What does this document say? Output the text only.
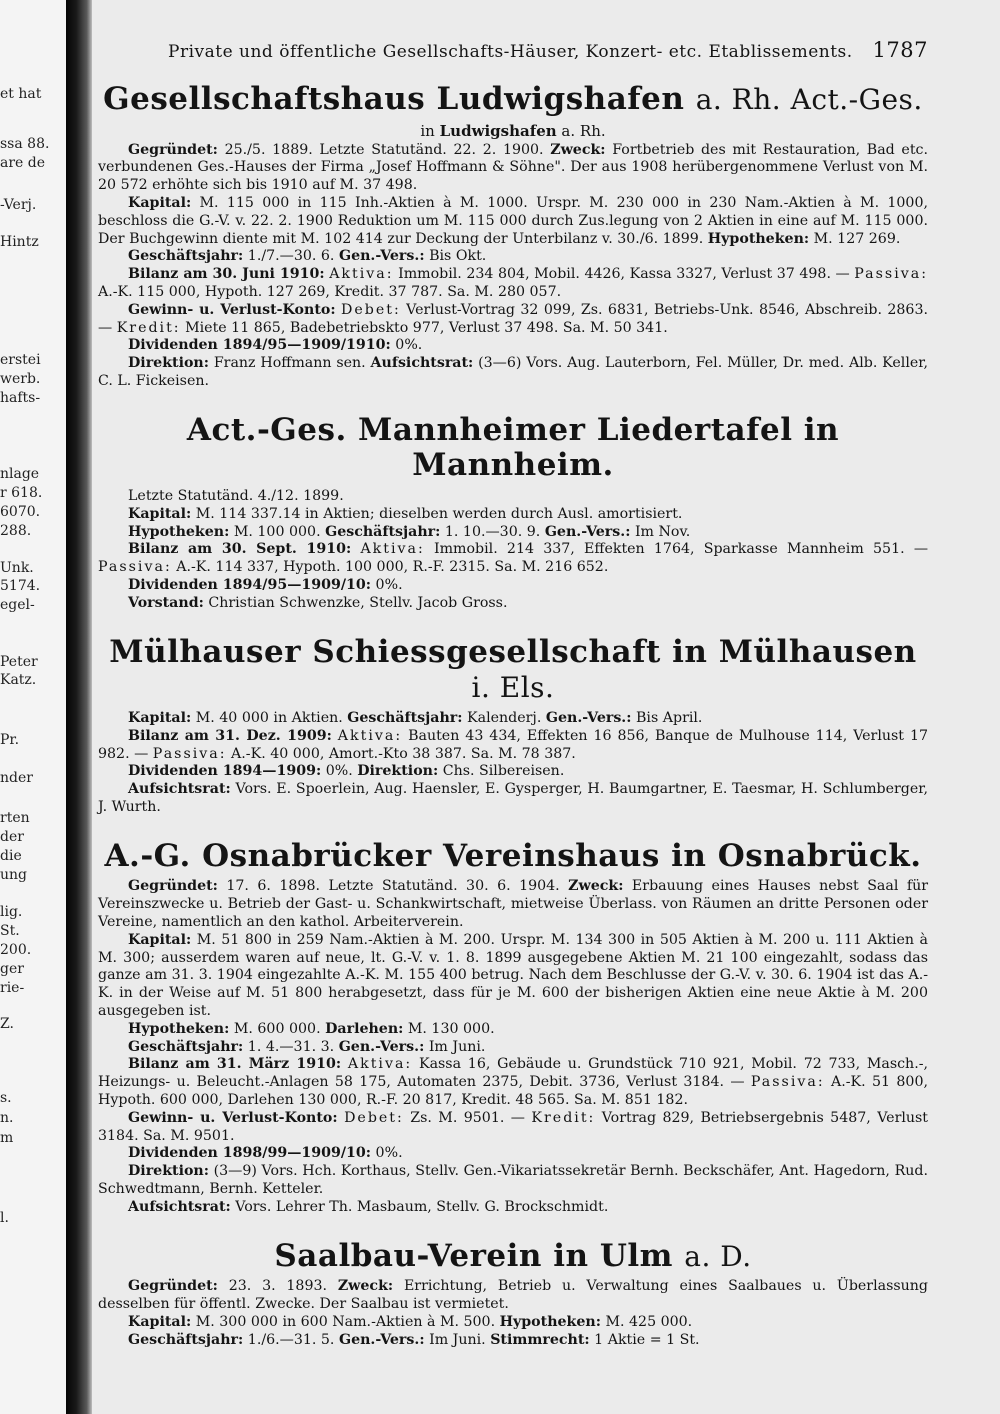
et hat
ssa 88.
are de
-Verj.
Hintz
erstei
werb.
hafts-
nlage
r 618.
6070.
288.
Unk.
5174.
egel-
Peter
Katz.
Pr.
nder
rten
der
die
ung
lig.
St.
200.
ger
rie-
Z.
s.
n.
m
l.
Private und öffentliche Gesellschafts-Häuser, Konzert- etc. Etablissements. 1787
Gesellschaftshaus Ludwigshafen a. Rh. Act.-Ges.
in Ludwigshafen a. Rh.

Gegründet: 25./5. 1889. Letzte Statutänd. 22. 2. 1900. Zweck: Fortbetrieb des mit Restauration, Bad etc. verbundenen Ges.-Hauses der Firma „Josef Hoffmann & Söhne". Der aus 1908 herübergenommene Verlust von M. 20 572 erhöhte sich bis 1910 auf M. 37 498.

Kapital: M. 115 000 in 115 Inh.-Aktien à M. 1000. Urspr. M. 230 000 in 230 Nam.-Aktien à M. 1000, beschloss die G.-V. v. 22. 2. 1900 Reduktion um M. 115 000 durch Zus.legung von 2 Aktien in eine auf M. 115 000. Der Buchgewinn diente mit M. 102 414 zur Deckung der Unterbilanz v. 30./6. 1899. Hypotheken: M. 127 269.

Geschäftsjahr: 1./7.—30. 6. Gen.-Vers.: Bis Okt.

Bilanz am 30. Juni 1910: Aktiva: Immobil. 234 804, Mobil. 4426, Kassa 3327, Verlust 37 498. — Passiva: A.-K. 115 000, Hypoth. 127 269, Kredit. 37 787. Sa. M. 280 057.

Gewinn- u. Verlust-Konto: Debet: Verlust-Vortrag 32 099, Zs. 6831, Betriebs-Unk. 8546, Abschreib. 2863. — Kredit: Miete 11 865, Badebetriebskto 977, Verlust 37 498. Sa. M. 50 341.

Dividenden 1894/95—1909/1910: 0%.

Direktion: Franz Hoffmann sen. Aufsichtsrat: (3—6) Vors. Aug. Lauterborn, Fel. Müller, Dr. med. Alb. Keller, C. L. Fickeisen.

Act.-Ges. Mannheimer Liedertafel in Mannheim.

Letzte Statutänd. 4./12. 1899.

Kapital: M. 114 337.14 in Aktien; dieselben werden durch Ausl. amortisiert.

Hypotheken: M. 100 000. Geschäftsjahr: 1. 10.—30. 9. Gen.-Vers.: Im Nov.

Bilanz am 30. Sept. 1910: Aktiva: Immobil. 214 337, Effekten 1764, Sparkasse Mannheim 551. — Passiva: A.-K. 114 337, Hypoth. 100 000, R.-F. 2315. Sa. M. 216 652.

Dividenden 1894/95—1909/10: 0%.

Vorstand: Christian Schwenzke, Stellv. Jacob Gross.

Mülhauser Schiessgesellschaft in Mülhausen i. Els.

Kapital: M. 40 000 in Aktien. Geschäftsjahr: Kalenderj. Gen.-Vers.: Bis April.

Bilanz am 31. Dez. 1909: Aktiva: Bauten 43 434, Effekten 16 856, Banque de Mulhouse 114, Verlust 17 982. — Passiva: A.-K. 40 000, Amort.-Kto 38 387. Sa. M. 78 387.

Dividenden 1894—1909: 0%. Direktion: Chs. Silbereisen.

Aufsichtsrat: Vors. E. Spoerlein, Aug. Haensler, E. Gysperger, H. Baumgartner, E. Taesmar, H. Schlumberger, J. Wurth.

A.-G. Osnabrücker Vereinshaus in Osnabrück.

Gegründet: 17. 6. 1898. Letzte Statutänd. 30. 6. 1904. Zweck: Erbauung eines Hauses nebst Saal für Vereinszwecke u. Betrieb der Gast- u. Schankwirtschaft, mietweise Überlass. von Räumen an dritte Personen oder Vereine, namentlich an den kathol. Arbeiterverein.

Kapital: M. 51 800 in 259 Nam.-Aktien à M. 200. Urspr. M. 134 300 in 505 Aktien à M. 200 u. 111 Aktien à M. 300; ausserdem waren auf neue, lt. G.-V. v. 1. 8. 1899 ausgegebene Aktien M. 21 100 eingezahlt, sodass das ganze am 31. 3. 1904 eingezahlte A.-K. M. 155 400 betrug. Nach dem Beschlusse der G.-V. v. 30. 6. 1904 ist das A.-K. in der Weise auf M. 51 800 herabgesetzt, dass für je M. 600 der bisherigen Aktien eine neue Aktie à M. 200 ausgegeben ist.

Hypotheken: M. 600 000. Darlehen: M. 130 000.

Geschäftsjahr: 1. 4.—31. 3. Gen.-Vers.: Im Juni.

Bilanz am 31. März 1910: Aktiva: Kassa 16, Gebäude u. Grundstück 710 921, Mobil. 72 733, Masch.-, Heizungs- u. Beleucht.-Anlagen 58 175, Automaten 2375, Debit. 3736, Verlust 3184. — Passiva: A.-K. 51 800, Hypoth. 600 000, Darlehen 130 000, R.-F. 20 817, Kredit. 48 565. Sa. M. 851 182.

Gewinn- u. Verlust-Konto: Debet: Zs. M. 9501. — Kredit: Vortrag 829, Betriebsergebnis 5487, Verlust 3184. Sa. M. 9501.

Dividenden 1898/99—1909/10: 0%.

Direktion: (3—9) Vors. Hch. Korthaus, Stellv. Gen.-Vikariatssekretär Bernh. Beckschäfer, Ant. Hagedorn, Rud. Schwedtmann, Bernh. Ketteler.

Aufsichtsrat: Vors. Lehrer Th. Masbaum, Stellv. G. Brockschmidt.

Saalbau-Verein in Ulm a. D.

Gegründet: 23. 3. 1893. Zweck: Errichtung, Betrieb u. Verwaltung eines Saalbaues u. Überlassung desselben für öffentl. Zwecke. Der Saalbau ist vermietet.

Kapital: M. 300 000 in 600 Nam.-Aktien à M. 500. Hypotheken: M. 425 000.

Geschäftsjahr: 1./6.—31. 5. Gen.-Vers.: Im Juni. Stimmrecht: 1 Aktie = 1 St.
